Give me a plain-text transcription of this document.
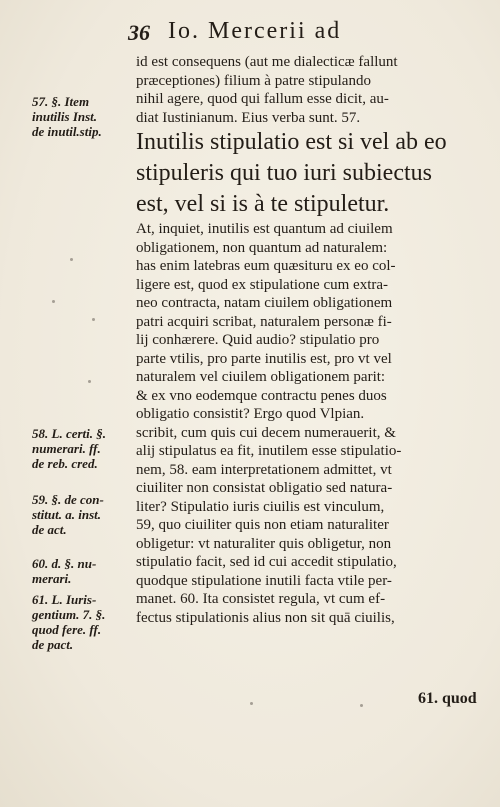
36 Io. Mercerii ad
57. §. Item
inutilis Inst.
de inutil.stip.
58. L. certi. §.
numerari. ff.
de reb. cred.
59. §. de con-
stitut. a. inst.
de act.
60. d. §. nu-
merari.
61. L. Iuris-
gentium. 7. §.
quod fere. ff.
de pact.
id est consequens (aut me dialecticæ fallunt
præceptiones) filium à patre stipulando
nihil agere, quod qui fallum esse dicit, au-
diat Iustinianum. Eius verba sunt. 57.
Inutilis stipulatio est si vel ab eo
stipuleris qui tuo iuri subiectus
est, vel si is à te stipuletur.
At, inquiet, inutilis est quantum ad ciuilem
obligationem, non quantum ad naturalem:
has enim latebras eum quæsituru ex eo col-
ligere est, quod ex stipulatione cum extra-
neo contracta, natam ciuilem obligationem
patri acquiri scribat, naturalem personæ fi-
lij conhærere. Quid audio? stipulatio pro
parte vtilis, pro parte inutilis est, pro vt vel
naturalem vel ciuilem obligationem parit:
& ex vno eodemque contractu penes duos
obligatio consistit? Ergo quod Vlpian.
scribit, cum quis cui decem numerauerit, &
alij stipulatus ea fit, inutilem esse stipulatio-
nem, 58. eam interpretationem admittet, vt
ciuiliter non consistat obligatio sed natura-
liter? Stipulatio iuris ciuilis est vinculum,
59, quo ciuiliter quis non etiam naturaliter
obligetur: vt naturaliter quis obligetur, non
stipulatio facit, sed id cui accedit stipulatio,
quodque stipulatione inutili facta vtile per-
manet. 60. Ita consistet regula, vt cum ef-
fectus stipulationis alius non sit quā ciuilis,
61. quod
